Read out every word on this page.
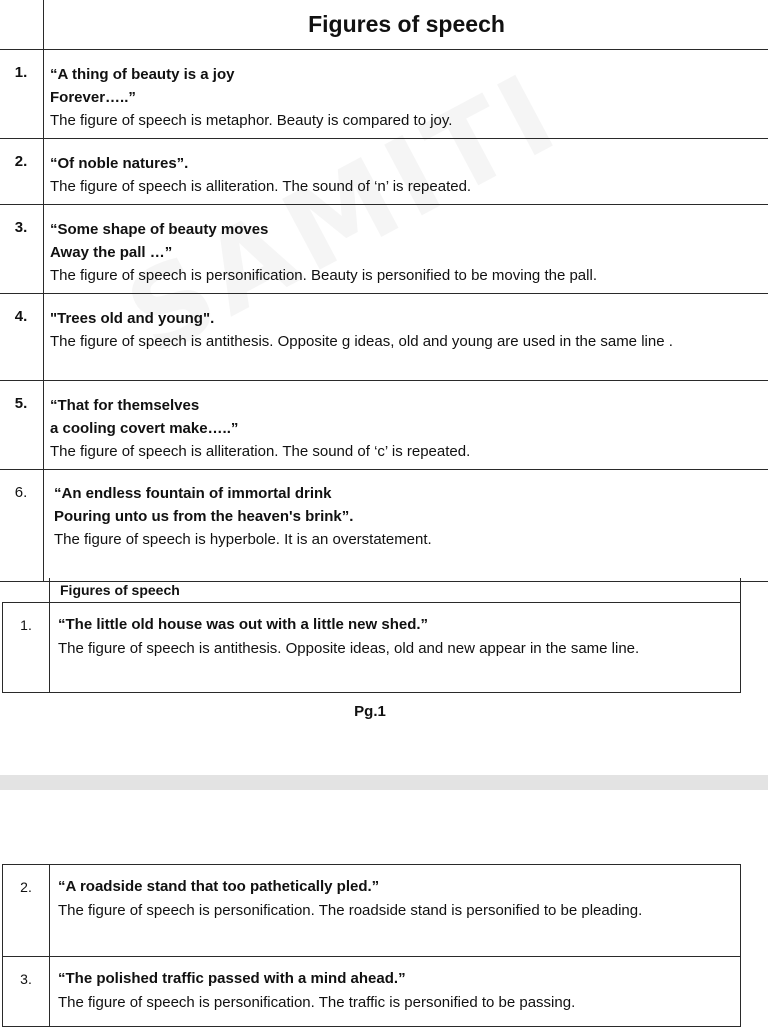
	Figures of speech
1.	“A thing of beauty is a joy
Forever…..”
The figure of speech is metaphor. Beauty is compared to joy.

2.	“Of noble natures”.
The figure of speech is alliteration. The sound of ‘n’ is repeated.

3.	“Some shape of beauty moves
Away the pall …”
The figure of speech is personification. Beauty is personified to be moving the pall.

4.	"Trees old and young".
The figure of speech is antithesis. Opposite g ideas, old and young are used in the same line .

5.	“That for themselves
a cooling covert make…..”
The figure of speech is alliteration. The sound of ‘c’ is repeated.

6.	“An endless fountain of immortal drink
Pouring unto us from the heaven's brink”.
The figure of speech is hyperbole. It is an overstatement.
	Figures of speech
1.	“The little old house was out with a little new shed.”
The figure of speech is antithesis. Opposite ideas, old and new appear in the same line.
Pg.1
2.	“A roadside stand that too pathetically pled.”
The figure of speech is personification. The roadside stand is personified to be pleading.

3.	“The polished traffic passed with a mind ahead.”
The figure of speech is personification. The traffic is personified to be passing.
